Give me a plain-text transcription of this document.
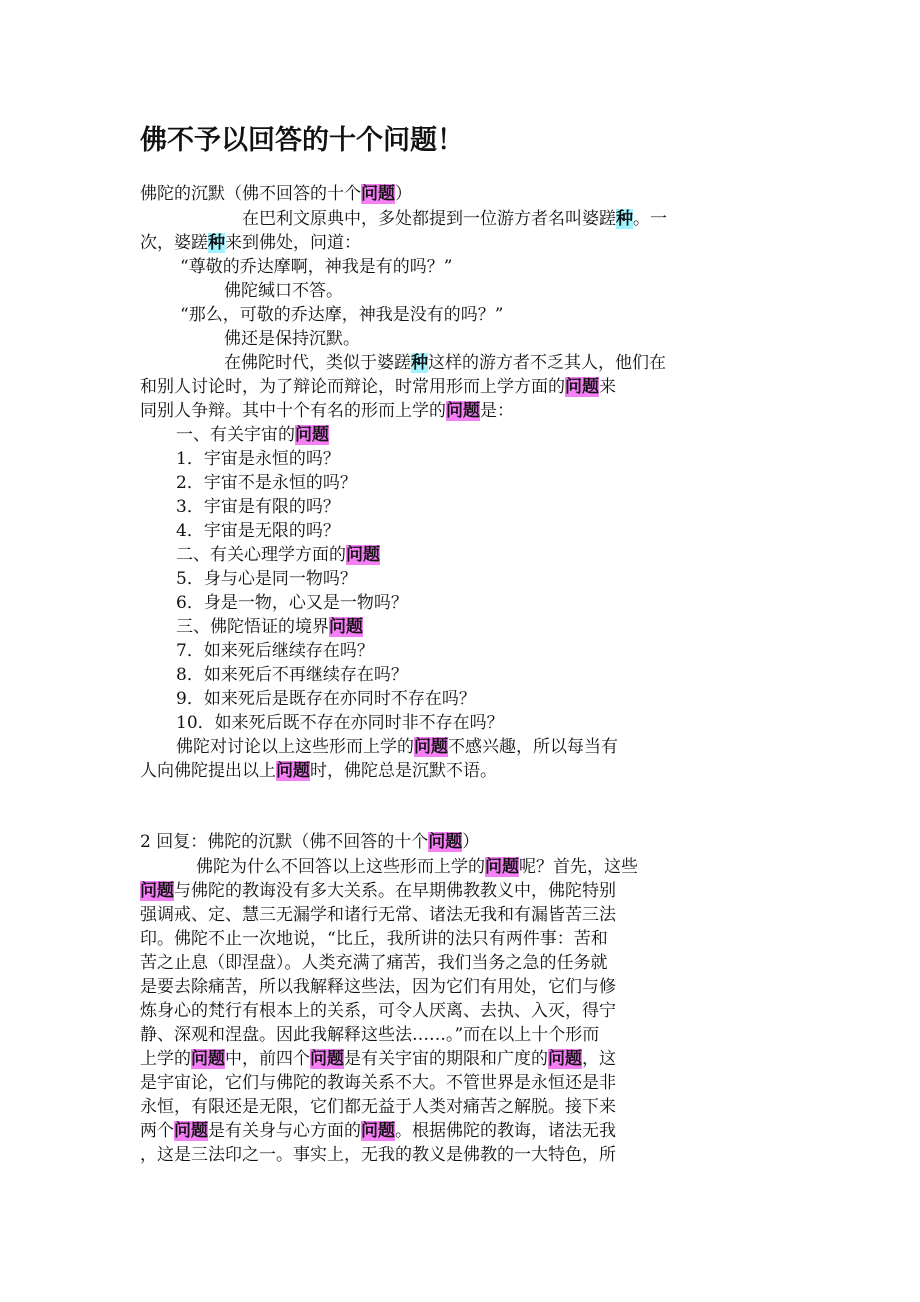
佛不予以回答的十个问题！
佛陀的沉默（佛不回答的十个问题）
在巴利文原典中，多处都提到一位游方者名叫婆蹉种。一
次，婆蹉种来到佛处，问道：
“尊敬的乔达摩啊，神我是有的吗？”
佛陀缄口不答。
“那么，可敬的乔达摩，神我是没有的吗？”
佛还是保持沉默。
在佛陀时代，类似于婆蹉种这样的游方者不乏其人，他们在
和别人讨论时，为了辩论而辩论，时常用形而上学方面的问题来
同别人争辩。其中十个有名的形而上学的问题是：
一、有关宇宙的问题
1．宇宙是永恒的吗？
2．宇宙不是永恒的吗？
3．宇宙是有限的吗？
4．宇宙是无限的吗？
二、有关心理学方面的问题
5．身与心是同一物吗？
6．身是一物，心又是一物吗？
三、佛陀悟证的境界问题
7．如来死后继续存在吗？
8．如来死后不再继续存在吗？
9．如来死后是既存在亦同时不存在吗？
10．如来死后既不存在亦同时非不存在吗？
佛陀对讨论以上这些形而上学的问题不感兴趣，所以每当有
人向佛陀提出以上问题时，佛陀总是沉默不语。
2 回复：佛陀的沉默（佛不回答的十个问题）
佛陀为什么不回答以上这些形而上学的问题呢？首先，这些
问题与佛陀的教诲没有多大关系。在早期佛教教义中，佛陀特别
强调戒、定、慧三无漏学和诸行无常、诸法无我和有漏皆苦三法
印。佛陀不止一次地说，“比丘，我所讲的法只有两件事：苦和
苦之止息（即涅盘）。人类充满了痛苦，我们当务之急的任务就
是要去除痛苦，所以我解释这些法，因为它们有用处，它们与修
炼身心的梵行有根本上的关系，可令人厌离、去执、入灭，得宁
静、深观和涅盘。因此我解释这些法……。”而在以上十个形而
上学的问题中，前四个问题是有关宇宙的期限和广度的问题，这
是宇宙论，它们与佛陀的教诲关系不大。不管世界是永恒还是非
永恒，有限还是无限，它们都无益于人类对痛苦之解脱。接下来
两个问题是有关身与心方面的问题。根据佛陀的教诲，诸法无我
，这是三法印之一。事实上，无我的教义是佛教的一大特色，所
